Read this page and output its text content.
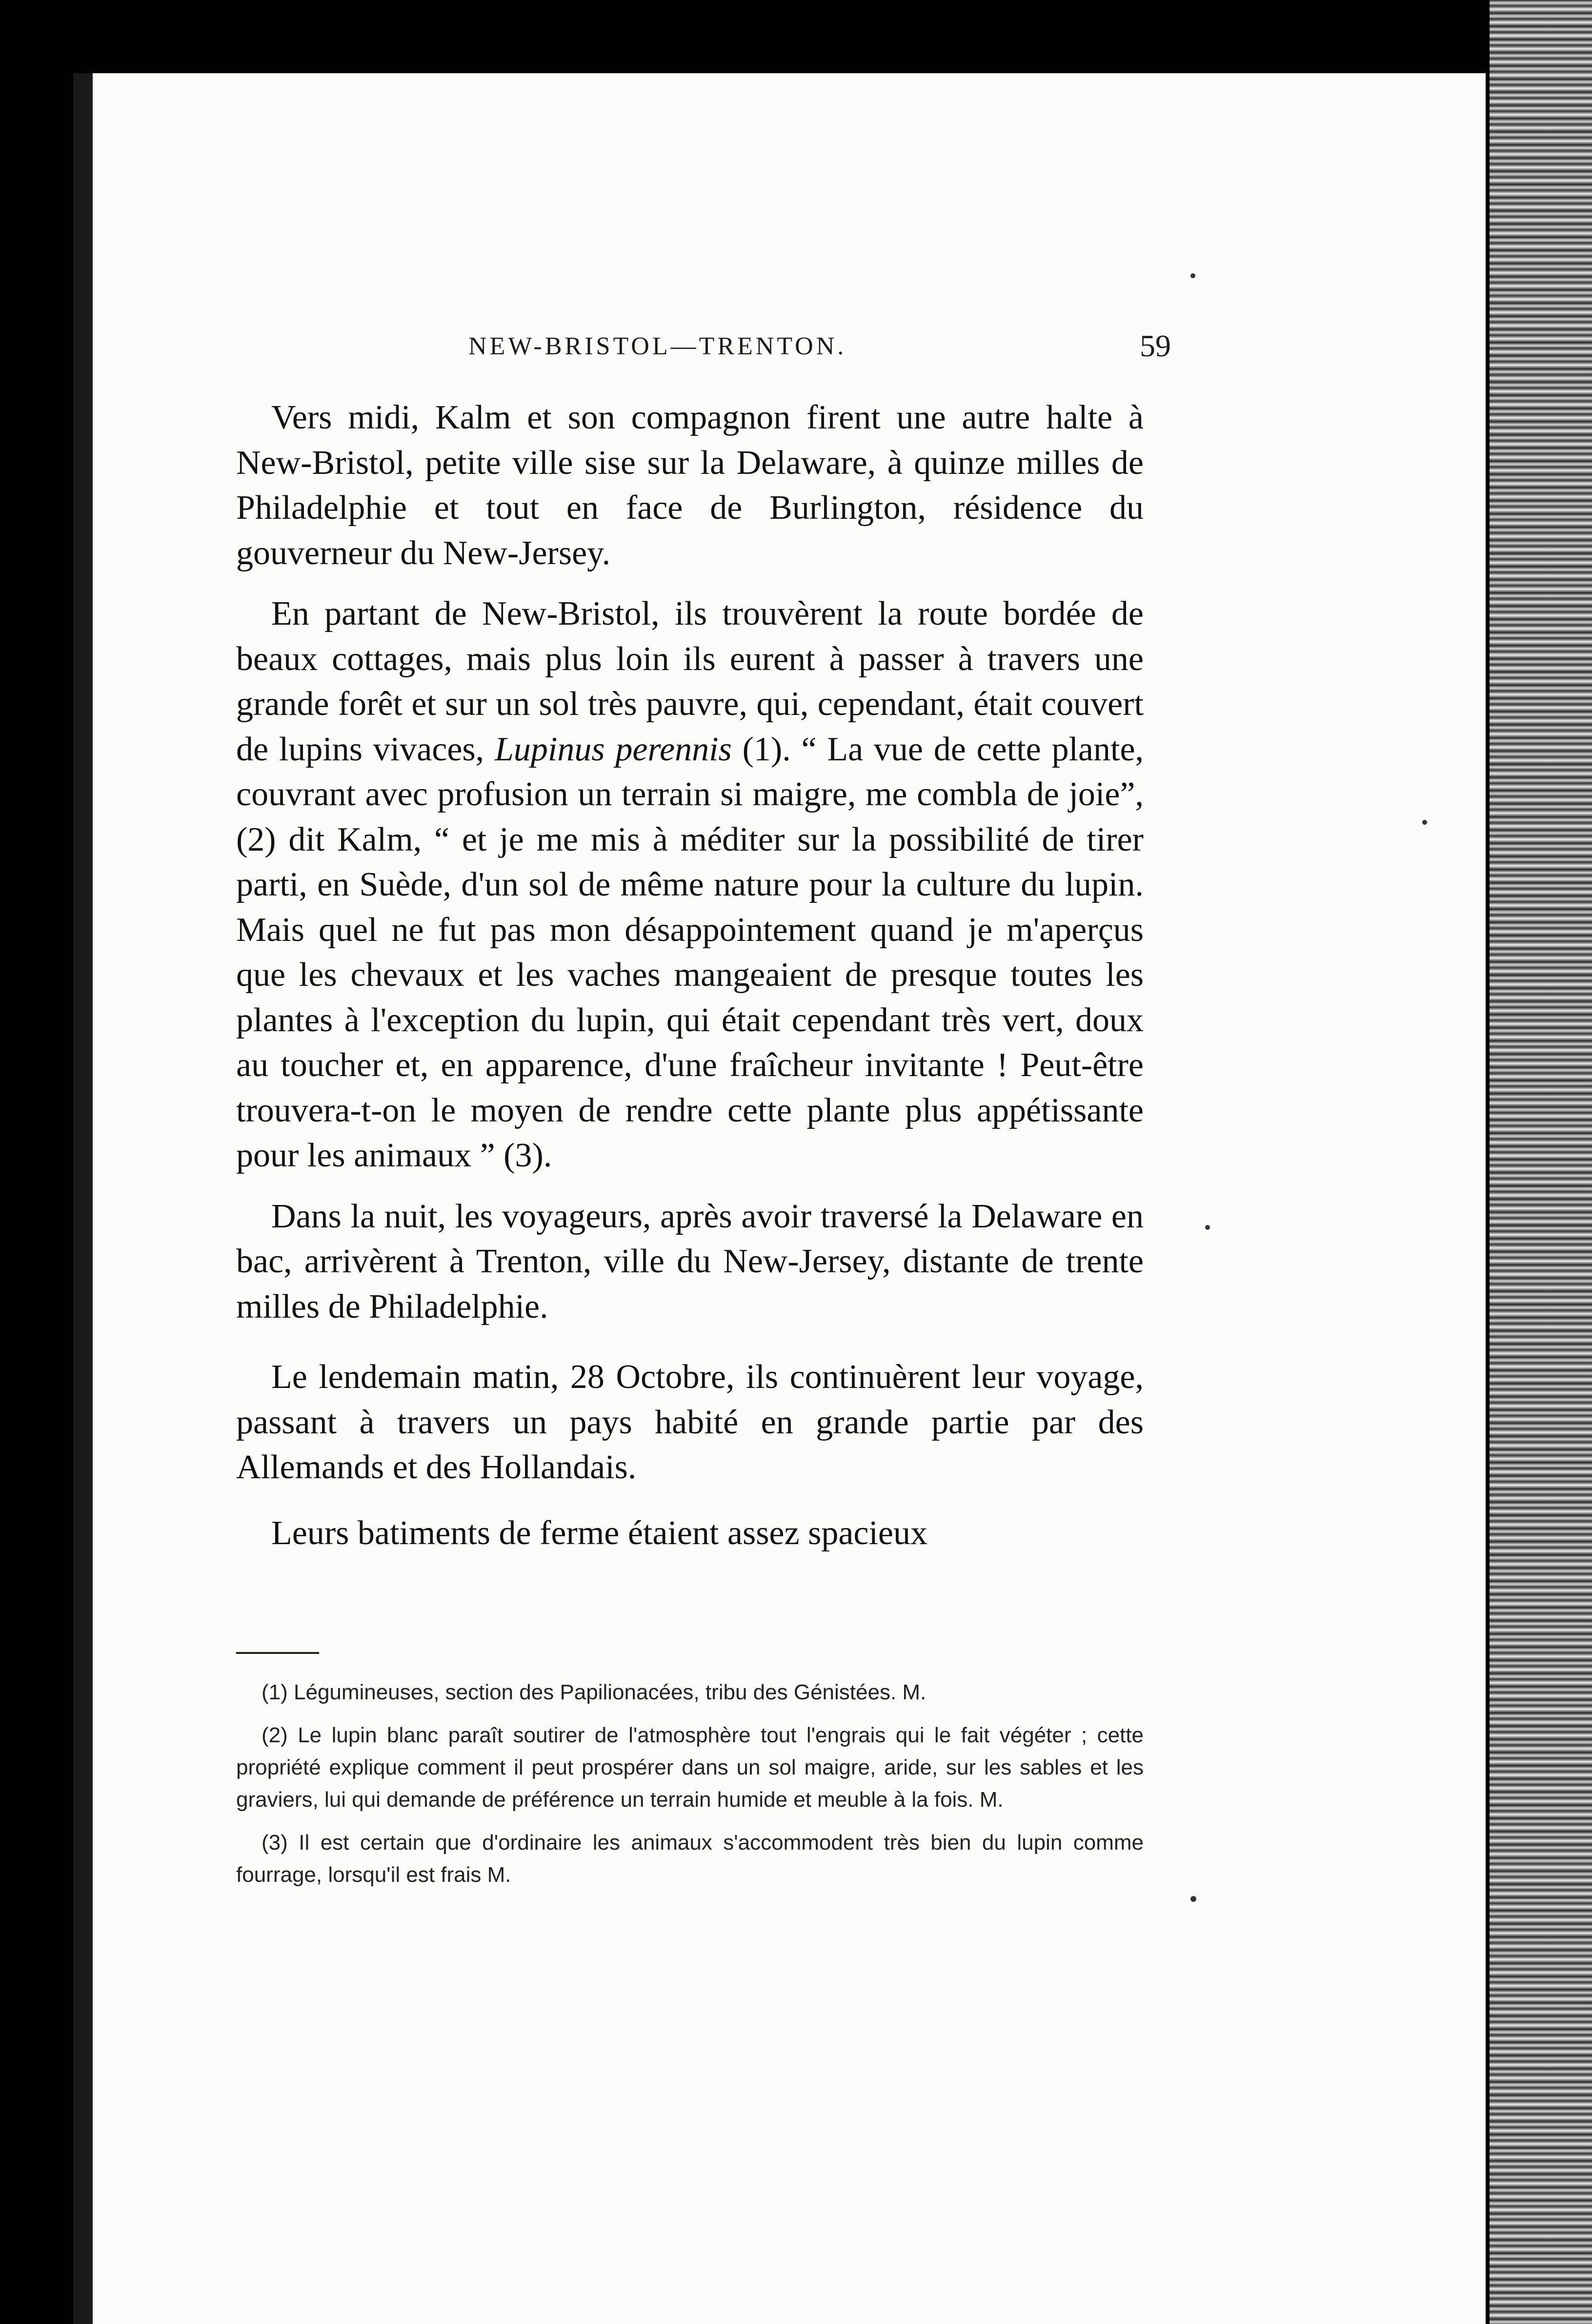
NEW-BRISTOL—TRENTON.	59

Vers midi, Kalm et son compagnon firent une autre halte à New-Bristol, petite ville sise sur la Delaware, à quinze milles de Philadelphie et tout en face de Burlington, résidence du gouverneur du New-Jersey.

En partant de New-Bristol, ils trouvèrent la route bordée de beaux cottages, mais plus loin ils eurent à passer à travers une grande forêt et sur un sol très pauvre, qui, cependant, était couvert de lupins vivaces, Lupinus perennis (1). “ La vue de cette plante, couvrant avec profusion un terrain si maigre, me combla de joie”, (2) dit Kalm, “ et je me mis à méditer sur la possibilité de tirer parti, en Suède, d'un sol de même nature pour la culture du lupin. Mais quel ne fut pas mon désappointement quand je m'aperçus que les chevaux et les vaches mangeaient de presque toutes les plantes à l'exception du lupin, qui était cependant très vert, doux au toucher et, en apparence, d'une fraîcheur invitante ! Peut-être trouvera-t-on le moyen de rendre cette plante plus appétissante pour les animaux ” (3).

Dans la nuit, les voyageurs, après avoir traversé la Delaware en bac, arrivèrent à Trenton, ville du New-Jersey, distante de trente milles de Philadelphie.

Le lendemain matin, 28 Octobre, ils continuèrent leur voyage, passant à travers un pays habité en grande partie par des Allemands et des Hollandais.

Leurs batiments de ferme étaient assez spacieux

(1) Légumineuses, section des Papilionacées, tribu des Génistées. M.

(2) Le lupin blanc paraît soutirer de l'atmosphère tout l'engrais qui le fait végéter ; cette propriété explique comment il peut prospérer dans un sol maigre, aride, sur les sables et les graviers, lui qui demande de préférence un terrain humide et meuble à la fois. M.

(3) Il est certain que d'ordinaire les animaux s'accommodent très bien du lupin comme fourrage, lorsqu'il est frais M.
